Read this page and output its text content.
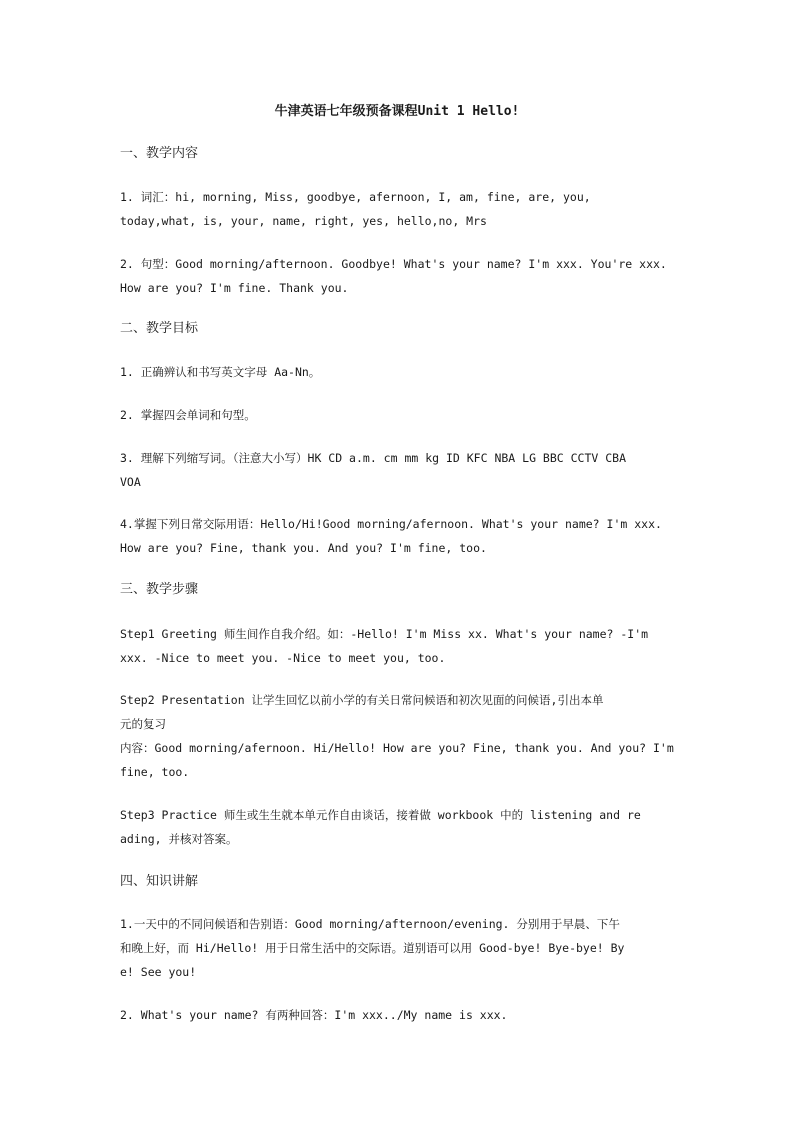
牛津英语七年级预备课程Unit 1 Hello!
一、教学内容
1. 词汇：hi, morning, Miss, goodbye, afernoon, I, am, fine, are, you,
today,what, is, your, name, right, yes, hello,no, Mrs
2. 句型：Good morning/afternoon. Goodbye! What's your name? I'm xxx. You're xxx.
How are you? I'm fine. Thank you.
二、教学目标
1. 正确辨认和书写英文字母 Aa-Nn。
2. 掌握四会单词和句型。
3. 理解下列缩写词。（注意大小写）HK CD a.m. cm mm kg ID KFC NBA LG BBC CCTV CBA
VOA
4.掌握下列日常交际用语：Hello/Hi!Good morning/afernoon. What's your name? I'm xxx.
How are you? Fine, thank you. And you? I'm fine, too.
三、教学步骤
Step1 Greeting 师生间作自我介绍。如：-Hello! I'm Miss xx. What's your name? -I'm
xxx. -Nice to meet you. -Nice to meet you, too.
Step2 Presentation 让学生回忆以前小学的有关日常问候语和初次见面的问候语,引出本单
元的复习
内容：Good morning/afernoon. Hi/Hello! How are you? Fine, thank you. And you? I'm
fine, too.
Step3 Practice 师生或生生就本单元作自由谈话，接着做 workbook 中的 listening and re
ading, 并核对答案。
四、知识讲解
1.一天中的不同问候语和告别语：Good morning/afternoon/evening. 分别用于早晨、下午
和晚上好，而 Hi/Hello! 用于日常生活中的交际语。道别语可以用 Good-bye! Bye-bye! By
e! See you!
2. What's your name? 有两种回答：I'm xxx../My name is xxx.
